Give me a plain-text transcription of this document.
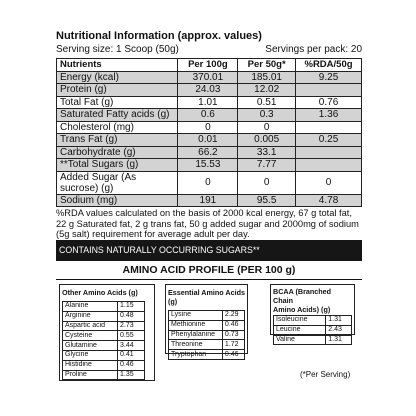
Nutritional Information (approx. values)
Serving size: 1 Scoop (50g)	Servings per pack: 20
Nutrients	Per 100g	Per 50g*	%RDA/50g
Energy (kcal)	370.01	185.01	9.25
Protein (g)	24.03	12.02	
Total Fat (g)	1.01	0.51	0.76
Saturated Fatty acids (g)	0.6	0.3	1.36
Cholesterol (mg)	0	0	
Trans Fat (g)	0.01	0.005	0.25
Carbohydrate (g)	66.2	33.1	
**Total Sugars (g)	15.53	7.77	
Added Sugar (As sucrose) (g)	0	0	0
Sodium (mg)	191	95.5	4.78
%RDA values calculated on the basis of 2000 kcal energy, 67 g total fat, 22 g Saturated fat, 2 g trans fat, 50 g added sugar and 2000mg of sodium (5g salt) requirement for average adult per day.
CONTAINS NATURALLY OCCURRING SUGARS**
AMINO ACID PROFILE (PER 100 g)
Other Amino Acids (g)
Alanine	1.15
Arginine	0.48
Aspartic acid	2.73
Cysteine	0.55
Glutamine	3.44
Glycine	0.41
Histidine	0.46
Proline	1.35
Essential Amino Acids (g)
Lysine	2.29
Methionine	0.46
Phenylalanine	0.73
Threonine	1.72
Tryptophan	0.46
BCAA (Branched Chain
Amino Acids) (g)
Isoleucine	1.31
Leucine	2.43
Valine	1.31
(*Per Serving)
